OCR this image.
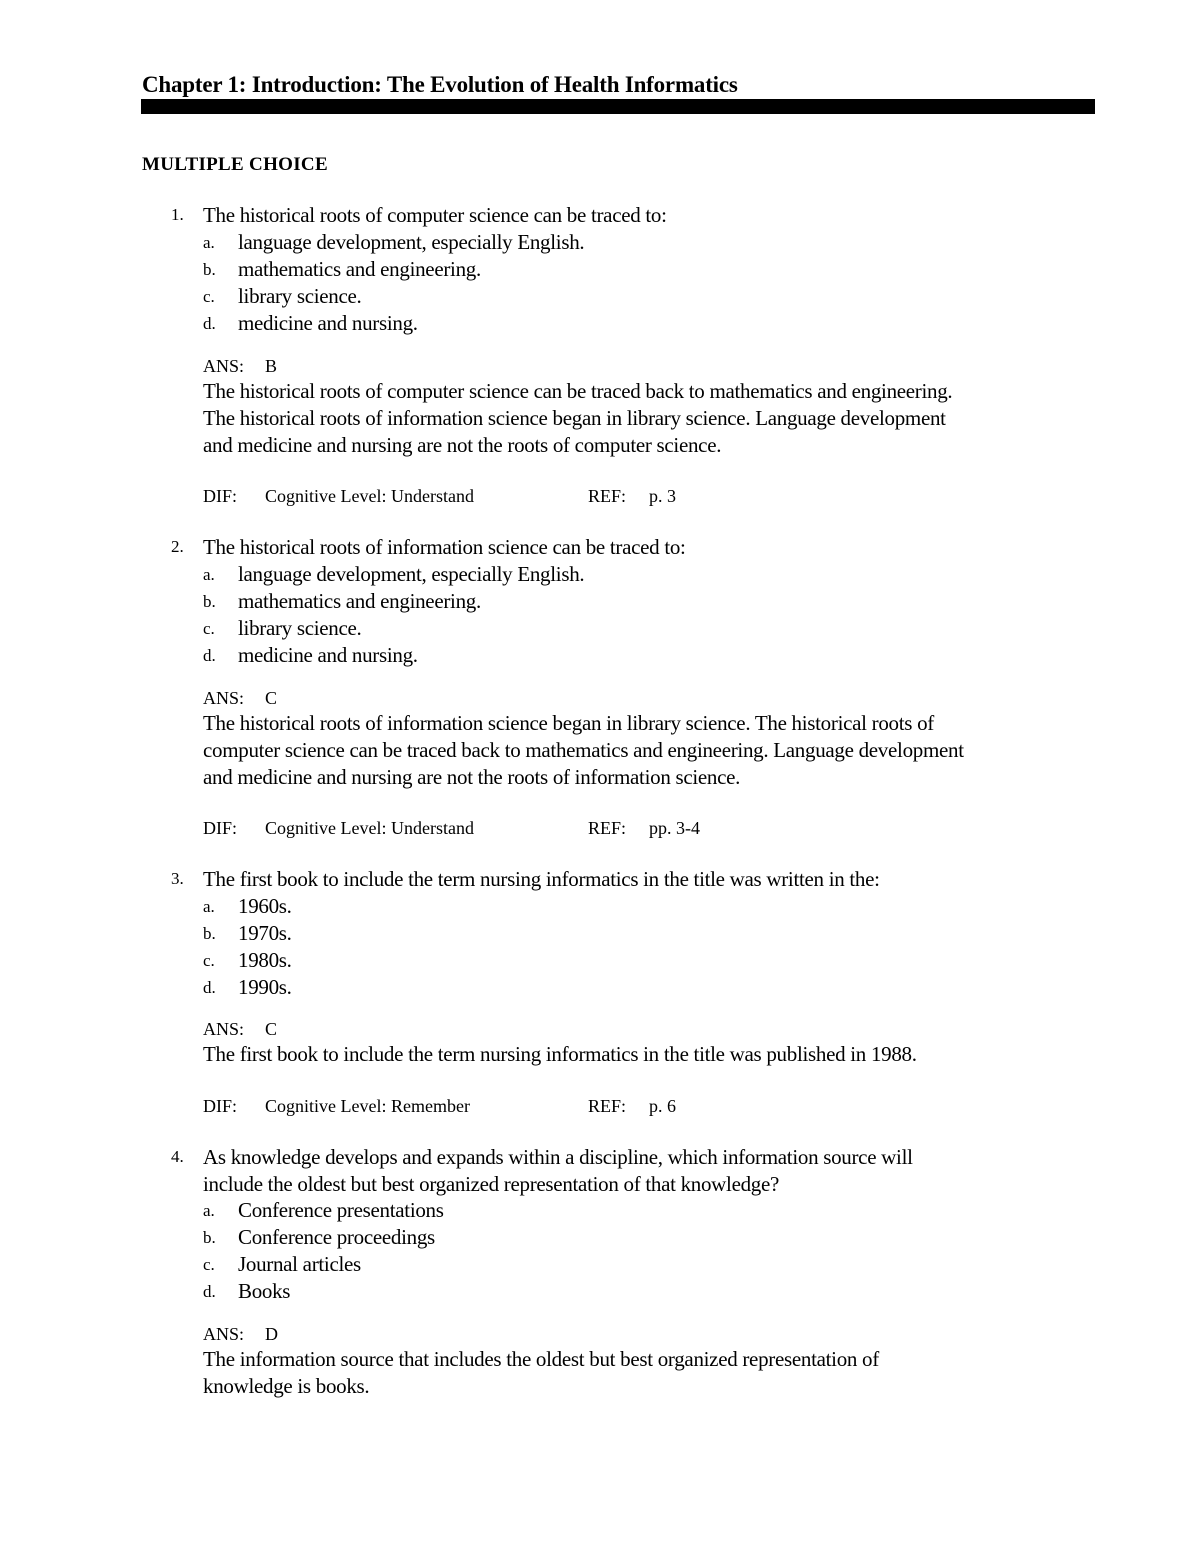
Chapter 1: Introduction: The Evolution of Health Informatics
MULTIPLE CHOICE
1. The historical roots of computer science can be traced to:
a. language development, especially English.
b. mathematics and engineering.
c. library science.
d. medicine and nursing.
ANS: B
The historical roots of computer science can be traced back to mathematics and engineering.
The historical roots of information science began in library science. Language development
and medicine and nursing are not the roots of computer science.
DIF: Cognitive Level: Understand	REF: p. 3
2. The historical roots of information science can be traced to:
a. language development, especially English.
b. mathematics and engineering.
c. library science.
d. medicine and nursing.
ANS: C
The historical roots of information science began in library science. The historical roots of
computer science can be traced back to mathematics and engineering. Language development
and medicine and nursing are not the roots of information science.
DIF: Cognitive Level: Understand	REF: pp. 3-4
3. The first book to include the term nursing informatics in the title was written in the:
a. 1960s.
b. 1970s.
c. 1980s.
d. 1990s.
ANS: C
The first book to include the term nursing informatics in the title was published in 1988.
DIF: Cognitive Level: Remember	REF: p. 6
4. As knowledge develops and expands within a discipline, which information source will
include the oldest but best organized representation of that knowledge?
a. Conference presentations
b. Conference proceedings
c. Journal articles
d. Books
ANS: D
The information source that includes the oldest but best organized representation of
knowledge is books.
